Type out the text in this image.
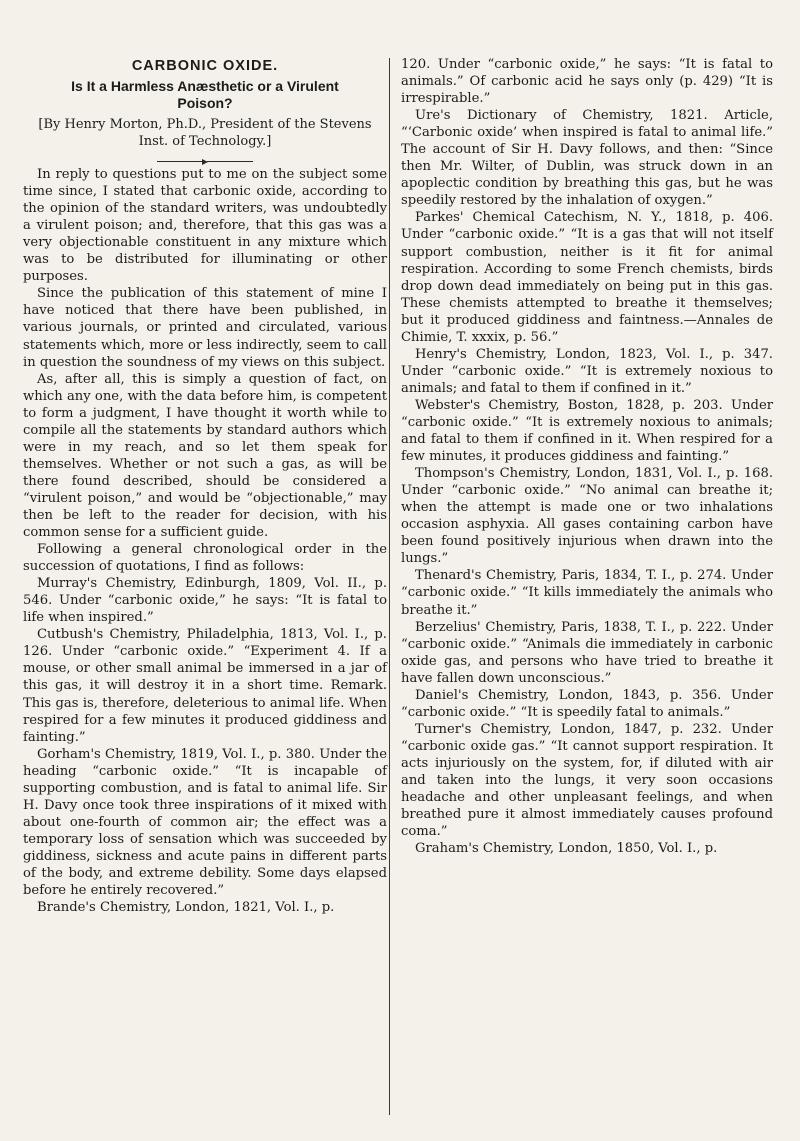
CARBONIC OXIDE.
Is It a Harmless Anæsthetic or a Virulent
Poison?
[By Henry Morton, Ph.D., President of the Stevens Inst. of Technology.]

In reply to questions put to me on the subject some time since, I stated that carbonic oxide, according to the opinion of the standard writers, was undoubtedly a virulent poison; and, therefore, that this gas was a very objectionable constituent in any mixture which was to be distributed for illuminating or other purposes.

Since the publication of this statement of mine I have noticed that there have been published, in various journals, or printed and circulated, various statements which, more or less indirectly, seem to call in question the soundness of my views on this subject.

As, after all, this is simply a question of fact, on which any one, with the data before him, is competent to form a judgment, I have thought it worth while to compile all the statements by standard authors which were in my reach, and so let them speak for themselves. Whether or not such a gas, as will be there found described, should be considered a “virulent poison,” and would be “objectionable,” may then be left to the reader for decision, with his common sense for a sufficient guide.

Following a general chronological order in the succession of quotations, I find as follows:

Murray's Chemistry, Edinburgh, 1809, Vol. II., p. 546. Under “carbonic oxide,” he says: “It is fatal to life when inspired.”

Cutbush's Chemistry, Philadelphia, 1813, Vol. I., p. 126. Under “carbonic oxide.” “Experiment 4. If a mouse, or other small animal be immersed in a jar of this gas, it will destroy it in a short time. Remark. This gas is, therefore, deleterious to animal life. When respired for a few minutes it produced giddiness and fainting.”

Gorham's Chemistry, 1819, Vol. I., p. 380. Under the heading “carbonic oxide.” “It is incapable of supporting combustion, and is fatal to animal life. Sir H. Davy once took three inspirations of it mixed with about one-fourth of common air; the effect was a temporary loss of sensation which was succeeded by giddiness, sickness and acute pains in different parts of the body, and extreme debility. Some days elapsed before he entirely recovered.”

Brande's Chemistry, London, 1821, Vol. I., p.

120. Under “carbonic oxide,” he says: “It is fatal to animals.” Of carbonic acid he says only (p. 429) “It is irrespirable.”

Ure's Dictionary of Chemistry, 1821. Article, “‘Carbonic oxide’ when inspired is fatal to animal life.” The account of Sir H. Davy follows, and then: “Since then Mr. Wilter, of Dublin, was struck down in an apoplectic condition by breathing this gas, but he was speedily restored by the inhalation of oxygen.”

Parkes' Chemical Catechism, N. Y., 1818, p. 406. Under “carbonic oxide.” “It is a gas that will not itself support combustion, neither is it fit for animal respiration. According to some French chemists, birds drop down dead immediately on being put in this gas. These chemists attempted to breathe it themselves; but it produced giddiness and faintness.—Annales de Chimie, T. xxxix, p. 56.”

Henry's Chemistry, London, 1823, Vol. I., p. 347. Under “carbonic oxide.” “It is extremely noxious to animals; and fatal to them if confined in it.”

Webster's Chemistry, Boston, 1828, p. 203. Under “carbonic oxide.” “It is extremely noxious to animals; and fatal to them if confined in it. When respired for a few minutes, it produces giddiness and fainting.”

Thompson's Chemistry, London, 1831, Vol. I., p. 168. Under “carbonic oxide.” “No animal can breathe it; when the attempt is made one or two inhalations occasion asphyxia. All gases containing carbon have been found positively injurious when drawn into the lungs.”

Thenard's Chemistry, Paris, 1834, T. I., p. 274. Under “carbonic oxide.” “It kills immediately the animals who breathe it.”

Berzelius' Chemistry, Paris, 1838, T. I., p. 222. Under “carbonic oxide.” “Animals die immediately in carbonic oxide gas, and persons who have tried to breathe it have fallen down unconscious.”

Daniel's Chemistry, London, 1843, p. 356. Under “carbonic oxide.” “It is speedily fatal to animals.”

Turner's Chemistry, London, 1847, p. 232. Under “carbonic oxide gas.” “It cannot support respiration. It acts injuriously on the system, for, if diluted with air and taken into the lungs, it very soon occasions headache and other unpleasant feelings, and when breathed pure it almost immediately causes profound coma.”

Graham's Chemistry, London, 1850, Vol. I., p.
